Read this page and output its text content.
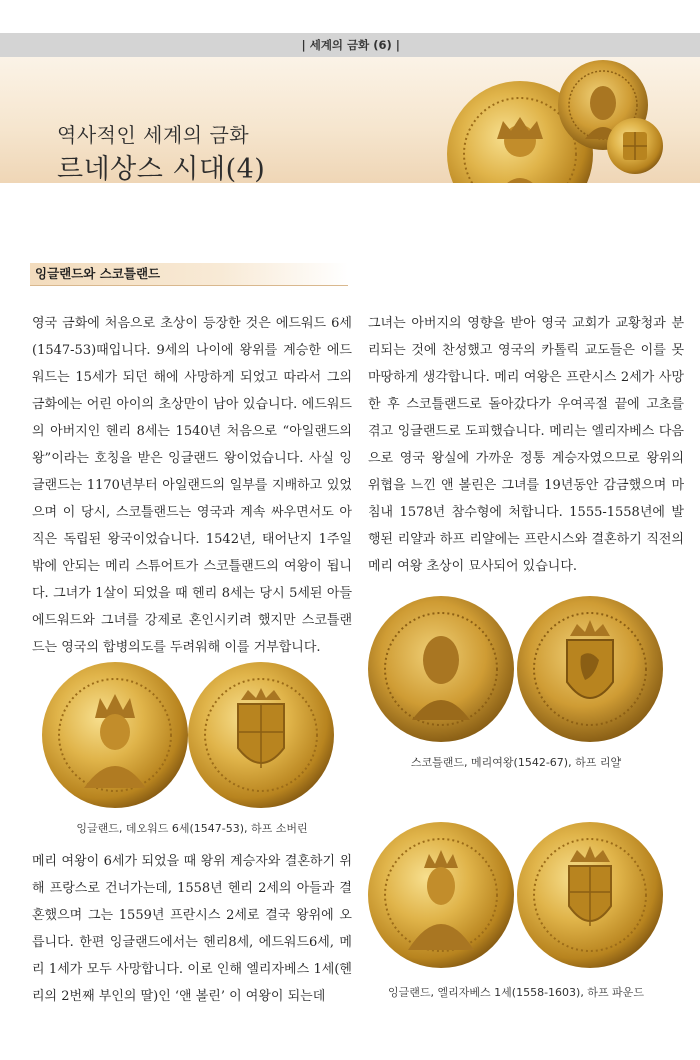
| 세계의 금화 (6) |
역사적인 세계의 금화
르네상스 시대(4)
잉글랜드와 스코틀랜드
영국 금화에 처음으로 초상이 등장한 것은 에드워드 6세(1547-53)때입니다. 9세의 나이에 왕위를 계승한 에드워드는 15세가 되던 해에 사망하게 되었고 따라서 그의 금화에는 어린 아이의 초상만이 남아 있습니다. 에드워드의 아버지인 헨리 8세는 1540년 처음으로 “아일랜드의 왕”이라는 호칭을 받은 잉글랜드 왕이었습니다. 사실 잉글랜드는 1170년부터 아일랜드의 일부를 지배하고 있었으며 이 당시, 스코틀랜드는 영국과 계속 싸우면서도 아직은 독립된 왕국이었습니다. 1542년, 태어난지 1주일 밖에 안되는 메리 스튜어트가 스코틀랜드의 여왕이 됩니다. 그녀가 1살이 되었을 때 헨리 8세는 당시 5세된 아들 에드워드와 그녀를 강제로 혼인시키려 했지만 스코틀랜드는 영국의 합병의도를 두려워해 이를 거부합니다.
그녀는 아버지의 영향을 받아 영국 교회가 교황청과 분리되는 것에 찬성했고 영국의 카톨릭 교도들은 이를 못마땅하게 생각합니다. 메리 여왕은 프란시스 2세가 사망한 후 스코틀랜드로 돌아갔다가 우여곡절 끝에 고초를 겪고 잉글랜드로 도피했습니다. 메리는 엘리자베스 다음으로 영국 왕실에 가까운 정통 계승자였으므로 왕위의 위협을 느낀 앤 볼린은 그녀를 19년동안 감금했으며 마침내 1578년 참수형에 처합니다. 1555-1558년에 발행된 리얄과 하프 리얄에는 프란시스와 결혼하기 직전의 메리 여왕 초상이 묘사되어 있습니다.
메리 여왕이 6세가 되었을 때 왕위 계승자와 결혼하기 위해 프랑스로 건너가는데, 1558년 헨리 2세의 아들과 결혼했으며 그는 1559년 프란시스 2세로 결국 왕위에 오릅니다. 한편 잉글랜드에서는 헨리8세, 에드워드6세, 메리 1세가 모두 사망합니다. 이로 인해 엘리자베스 1세(헨리의 2번째 부인의 딸)인 ‘앤 볼린’ 이 여왕이 되는데
잉글랜드, 데오워드 6세(1547-53), 하프 소버린
스코틀랜드, 메리여왕(1542-67), 하프 리얄
잉글랜드, 엘리자베스 1세(1558-1603), 하프 파운드
